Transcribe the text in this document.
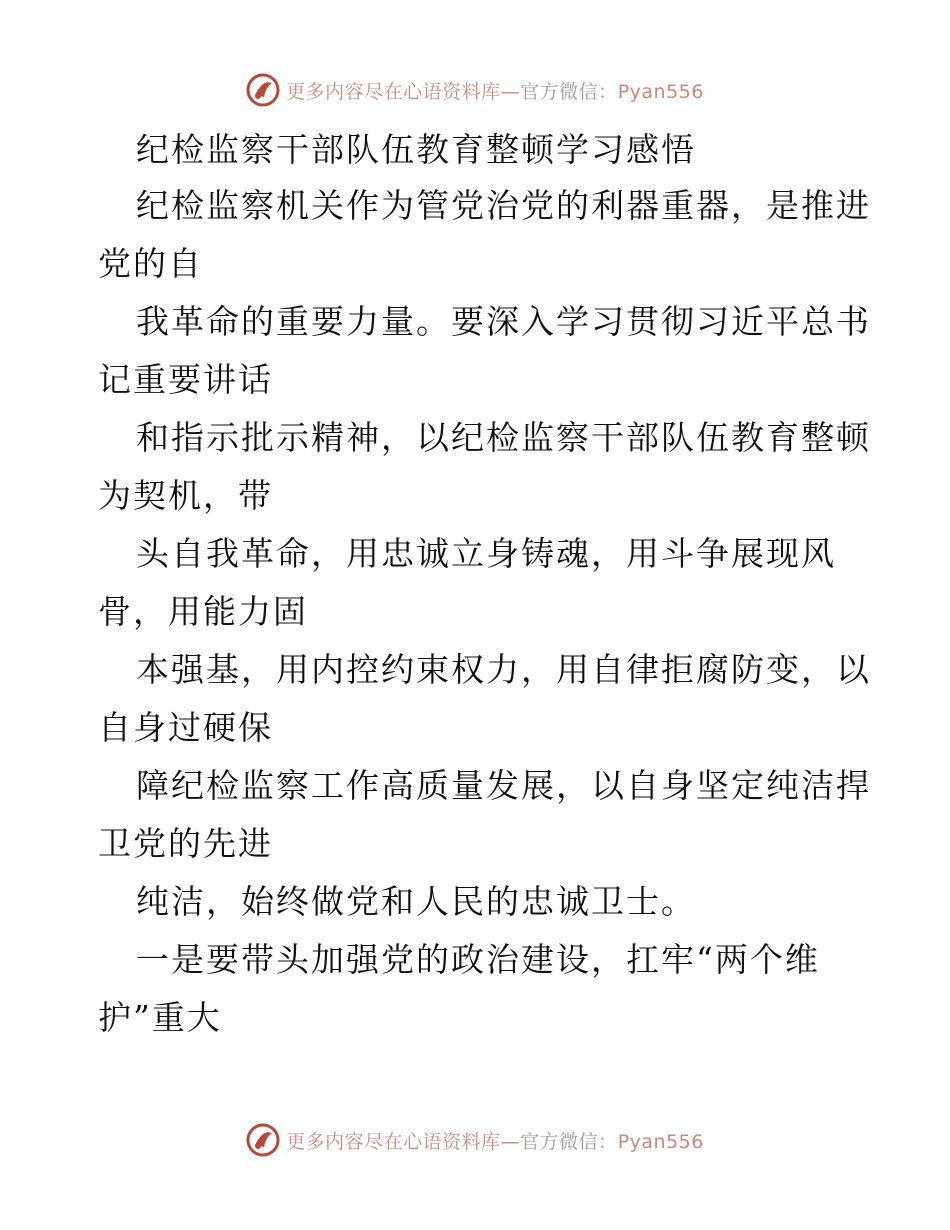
更多内容尽在心语资料库—官方微信：Pyan556
纪检监察干部队伍教育整顿学习感悟
纪检监察机关作为管党治党的利器重器，是推进
党的自
我革命的重要力量。要深入学习贯彻习近平总书
记重要讲话
和指示批示精神，以纪检监察干部队伍教育整顿
为契机，带
头自我革命，用忠诚立身铸魂，用斗争展现风
骨，用能力固
本强基，用内控约束权力，用自律拒腐防变，以
自身过硬保
障纪检监察工作高质量发展，以自身坚定纯洁捍
卫党的先进
纯洁，始终做党和人民的忠诚卫士。
一是要带头加强党的政治建设，扛牢“两个维
护”重大
更多内容尽在心语资料库—官方微信：Pyan556
